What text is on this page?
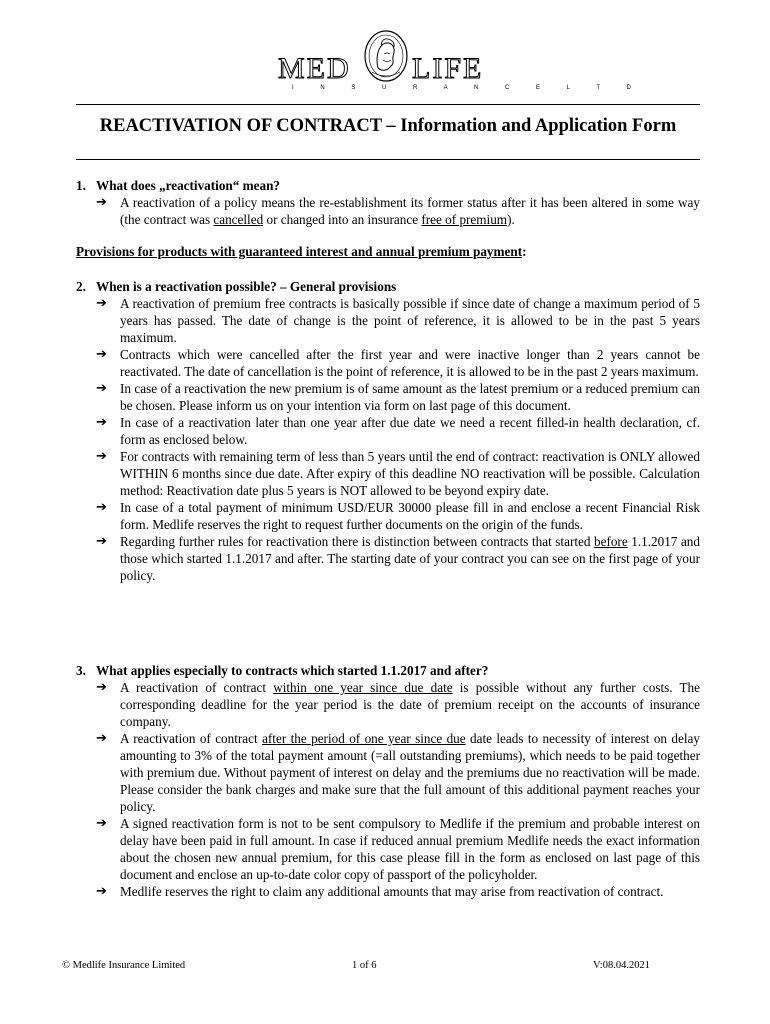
MED LIFE
I N S U R A N C E L T D
REACTIVATION OF CONTRACT – Information and Application Form
1. What does „reactivation“ mean?

➔ A reactivation of a policy means the re-establishment its former status after it has been altered in some way (the contract was cancelled or changed into an insurance free of premium).

Provisions for products with guaranteed interest and annual premium payment:
2. When is a reactivation possible? – General provisions

➔ A reactivation of premium free contracts is basically possible if since date of change a maximum period of 5 years has passed. The date of change is the point of reference, it is allowed to be in the past 5 years maximum.

➔ Contracts which were cancelled after the first year and were inactive longer than 2 years cannot be reactivated. The date of cancellation is the point of reference, it is allowed to be in the past 2 years maximum.

➔ In case of a reactivation the new premium is of same amount as the latest premium or a reduced premium can be chosen. Please inform us on your intention via form on last page of this document.

➔ In case of a reactivation later than one year after due date we need a recent filled-in health declaration, cf. form as enclosed below.

➔ For contracts with remaining term of less than 5 years until the end of contract: reactivation is ONLY allowed WITHIN 6 months since due date. After expiry of this deadline NO reactivation will be possible. Calculation method: Reactivation date plus 5 years is NOT allowed to be beyond expiry date.

➔ In case of a total payment of minimum USD/EUR 30000 please fill in and enclose a recent Financial Risk form. Medlife reserves the right to request further documents on the origin of the funds.

➔ Regarding further rules for reactivation there is distinction between contracts that started before 1.1.2017 and those which started 1.1.2017 and after. The starting date of your contract you can see on the first page of your policy.

3. What applies especially to contracts which started 1.1.2017 and after?

➔ A reactivation of contract within one year since due date is possible without any further costs. The corresponding deadline for the year period is the date of premium receipt on the accounts of insurance company.

➔ A reactivation of contract after the period of one year since due date leads to necessity of interest on delay amounting to 3% of the total payment amount (=all outstanding premiums), which needs to be paid together with premium due. Without payment of interest on delay and the premiums due no reactivation will be made. Please consider the bank charges and make sure that the full amount of this additional payment reaches your policy.

➔ A signed reactivation form is not to be sent compulsory to Medlife if the premium and probable interest on delay have been paid in full amount. In case if reduced annual premium Medlife needs the exact information about the chosen new annual premium, for this case please fill in the form as enclosed on last page of this document and enclose an up-to-date color copy of passport of the policyholder.

➔ Medlife reserves the right to claim any additional amounts that may arise from reactivation of contract.

© Medlife Insurance Limited	1 of 6	V:08.04.2021
